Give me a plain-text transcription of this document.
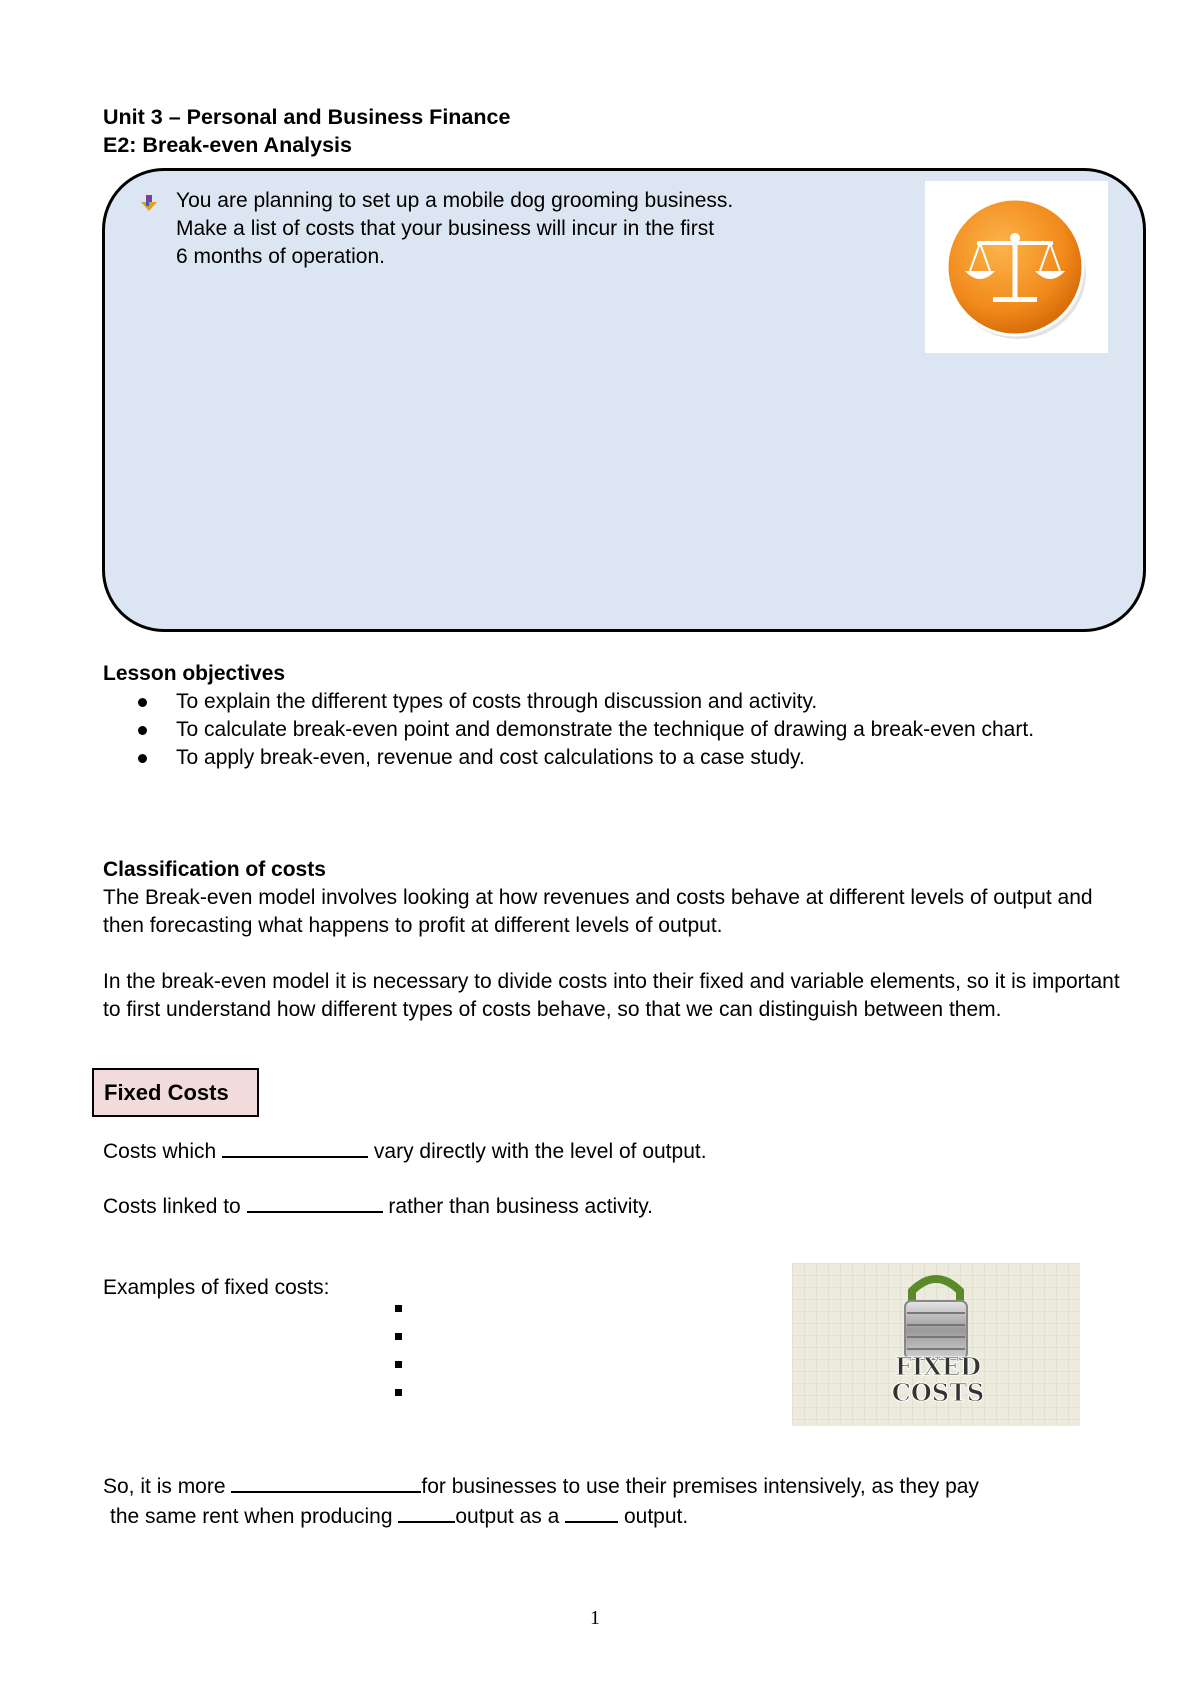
Unit 3 – Personal and Business Finance
E2: Break-even Analysis
You are planning to set up a mobile dog grooming business.
Make a list of costs that your business will incur in the first
6 months of operation.
Lesson objectives
To explain the different types of costs through discussion and activity.
To calculate break-even point and demonstrate the technique of drawing a break-even chart.
To apply break-even, revenue and cost calculations to a case study.
Classification of costs

The Break-even model involves looking at how revenues and costs behave at different levels of output and then forecasting what happens to profit at different levels of output.

In the break-even model it is necessary to divide costs into their fixed and variable elements, so it is important to first understand how different types of costs behave, so that we can distinguish between them.

Fixed Costs
Costs which	vary directly with the level of output.
Costs linked to	rather than business activity.
Examples of fixed costs:
FIXED
COSTS
So, it is more	for businesses to use their premises intensively, as they pay
the same rent when producing	output as a	output.
1
